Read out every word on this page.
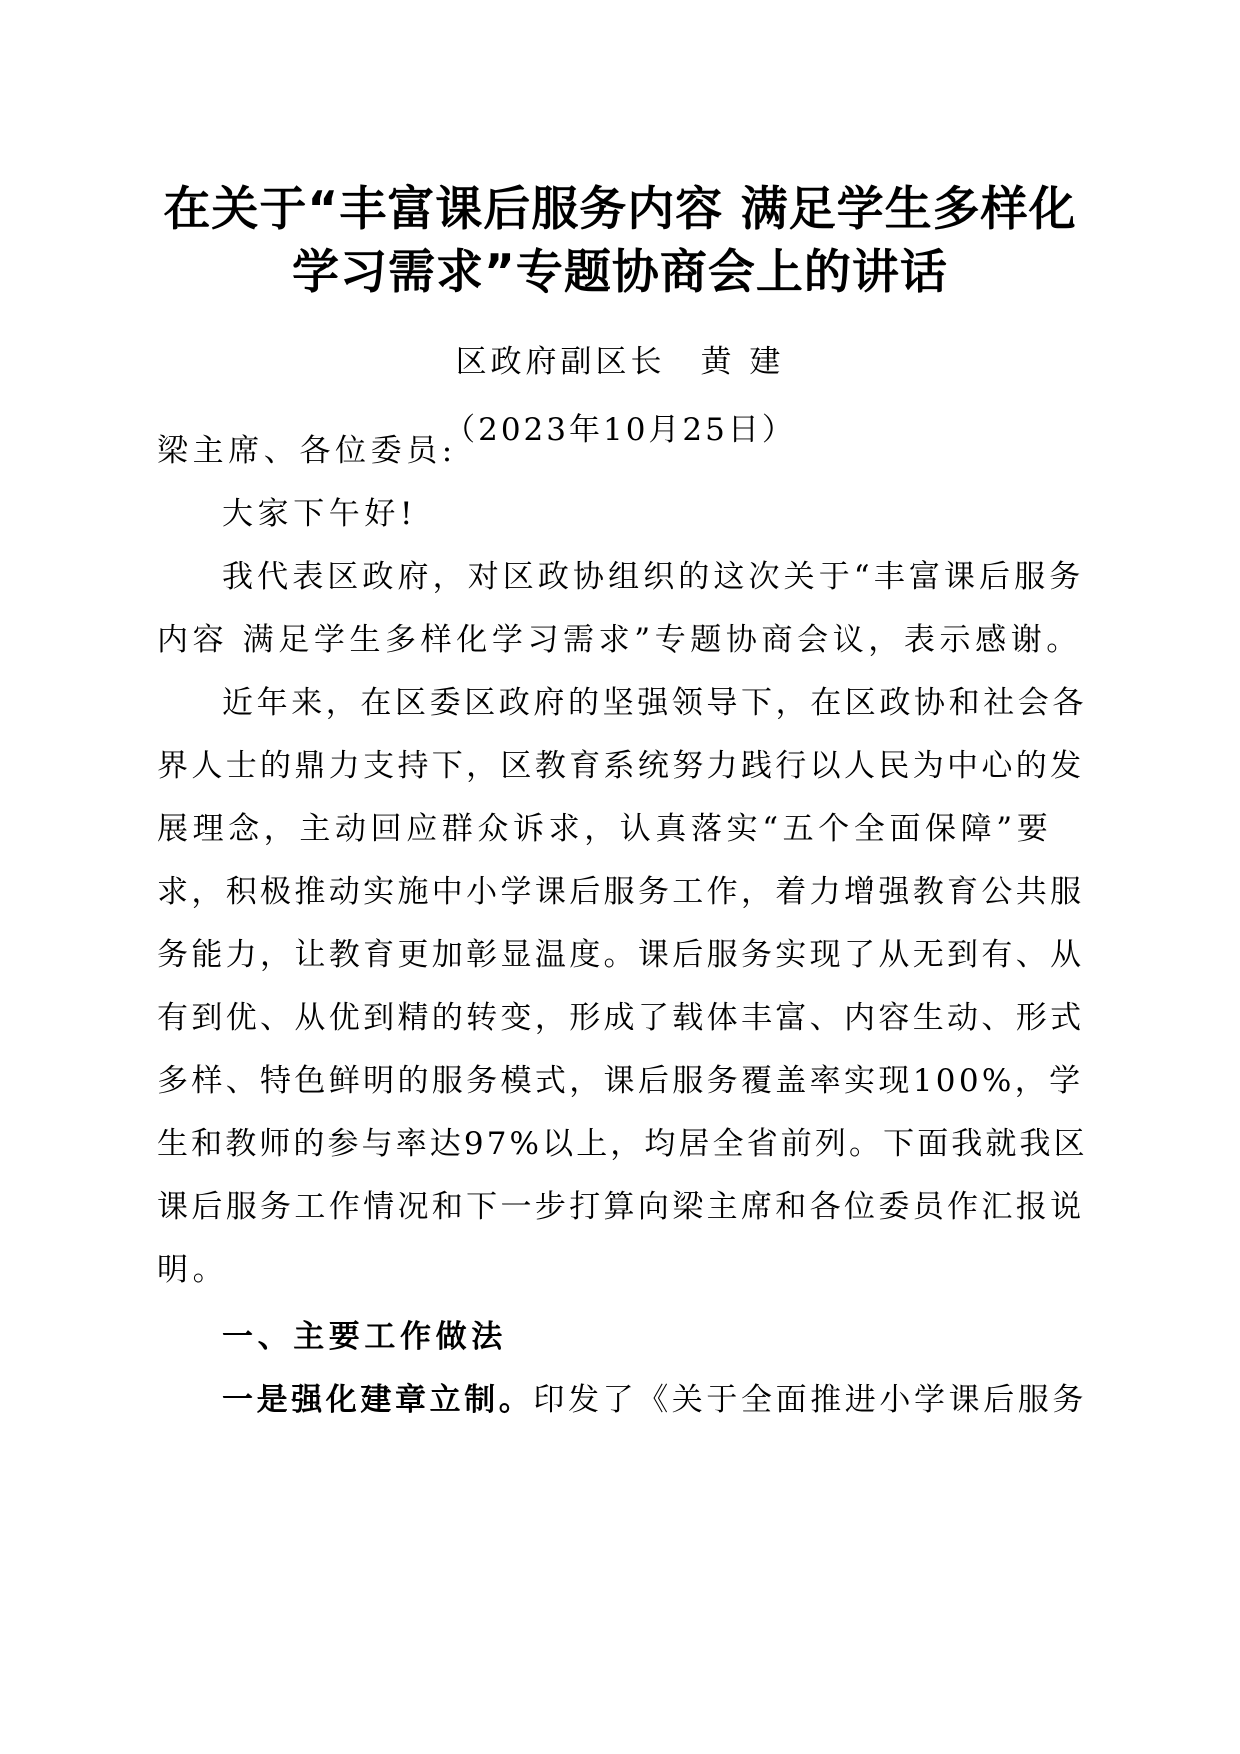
在关于“丰富课后服务内容 满足学生多样化
学习需求”专题协商会上的讲话
区政府副区长　黄 建
（2023年10月25日）
梁主席、各位委员:
大家下午好!
我代表区政府，对区政协组织的这次关于“丰富课后服务
内容 满足学生多样化学习需求”专题协商会议，表示感谢。
近年来，在区委区政府的坚强领导下，在区政协和社会各
界人士的鼎力支持下，区教育系统努力践行以人民为中心的发
展理念，主动回应群众诉求，认真落实“五个全面保障”要
求，积极推动实施中小学课后服务工作，着力增强教育公共服
务能力，让教育更加彰显温度。课后服务实现了从无到有、从
有到优、从优到精的转变，形成了载体丰富、内容生动、形式
多样、特色鲜明的服务模式，课后服务覆盖率实现100%，学
生和教师的参与率达97%以上，均居全省前列。下面我就我区
课后服务工作情况和下一步打算向梁主席和各位委员作汇报说
明。
一、主要工作做法
一是强化建章立制。印发了《关于全面推进小学课后服务
